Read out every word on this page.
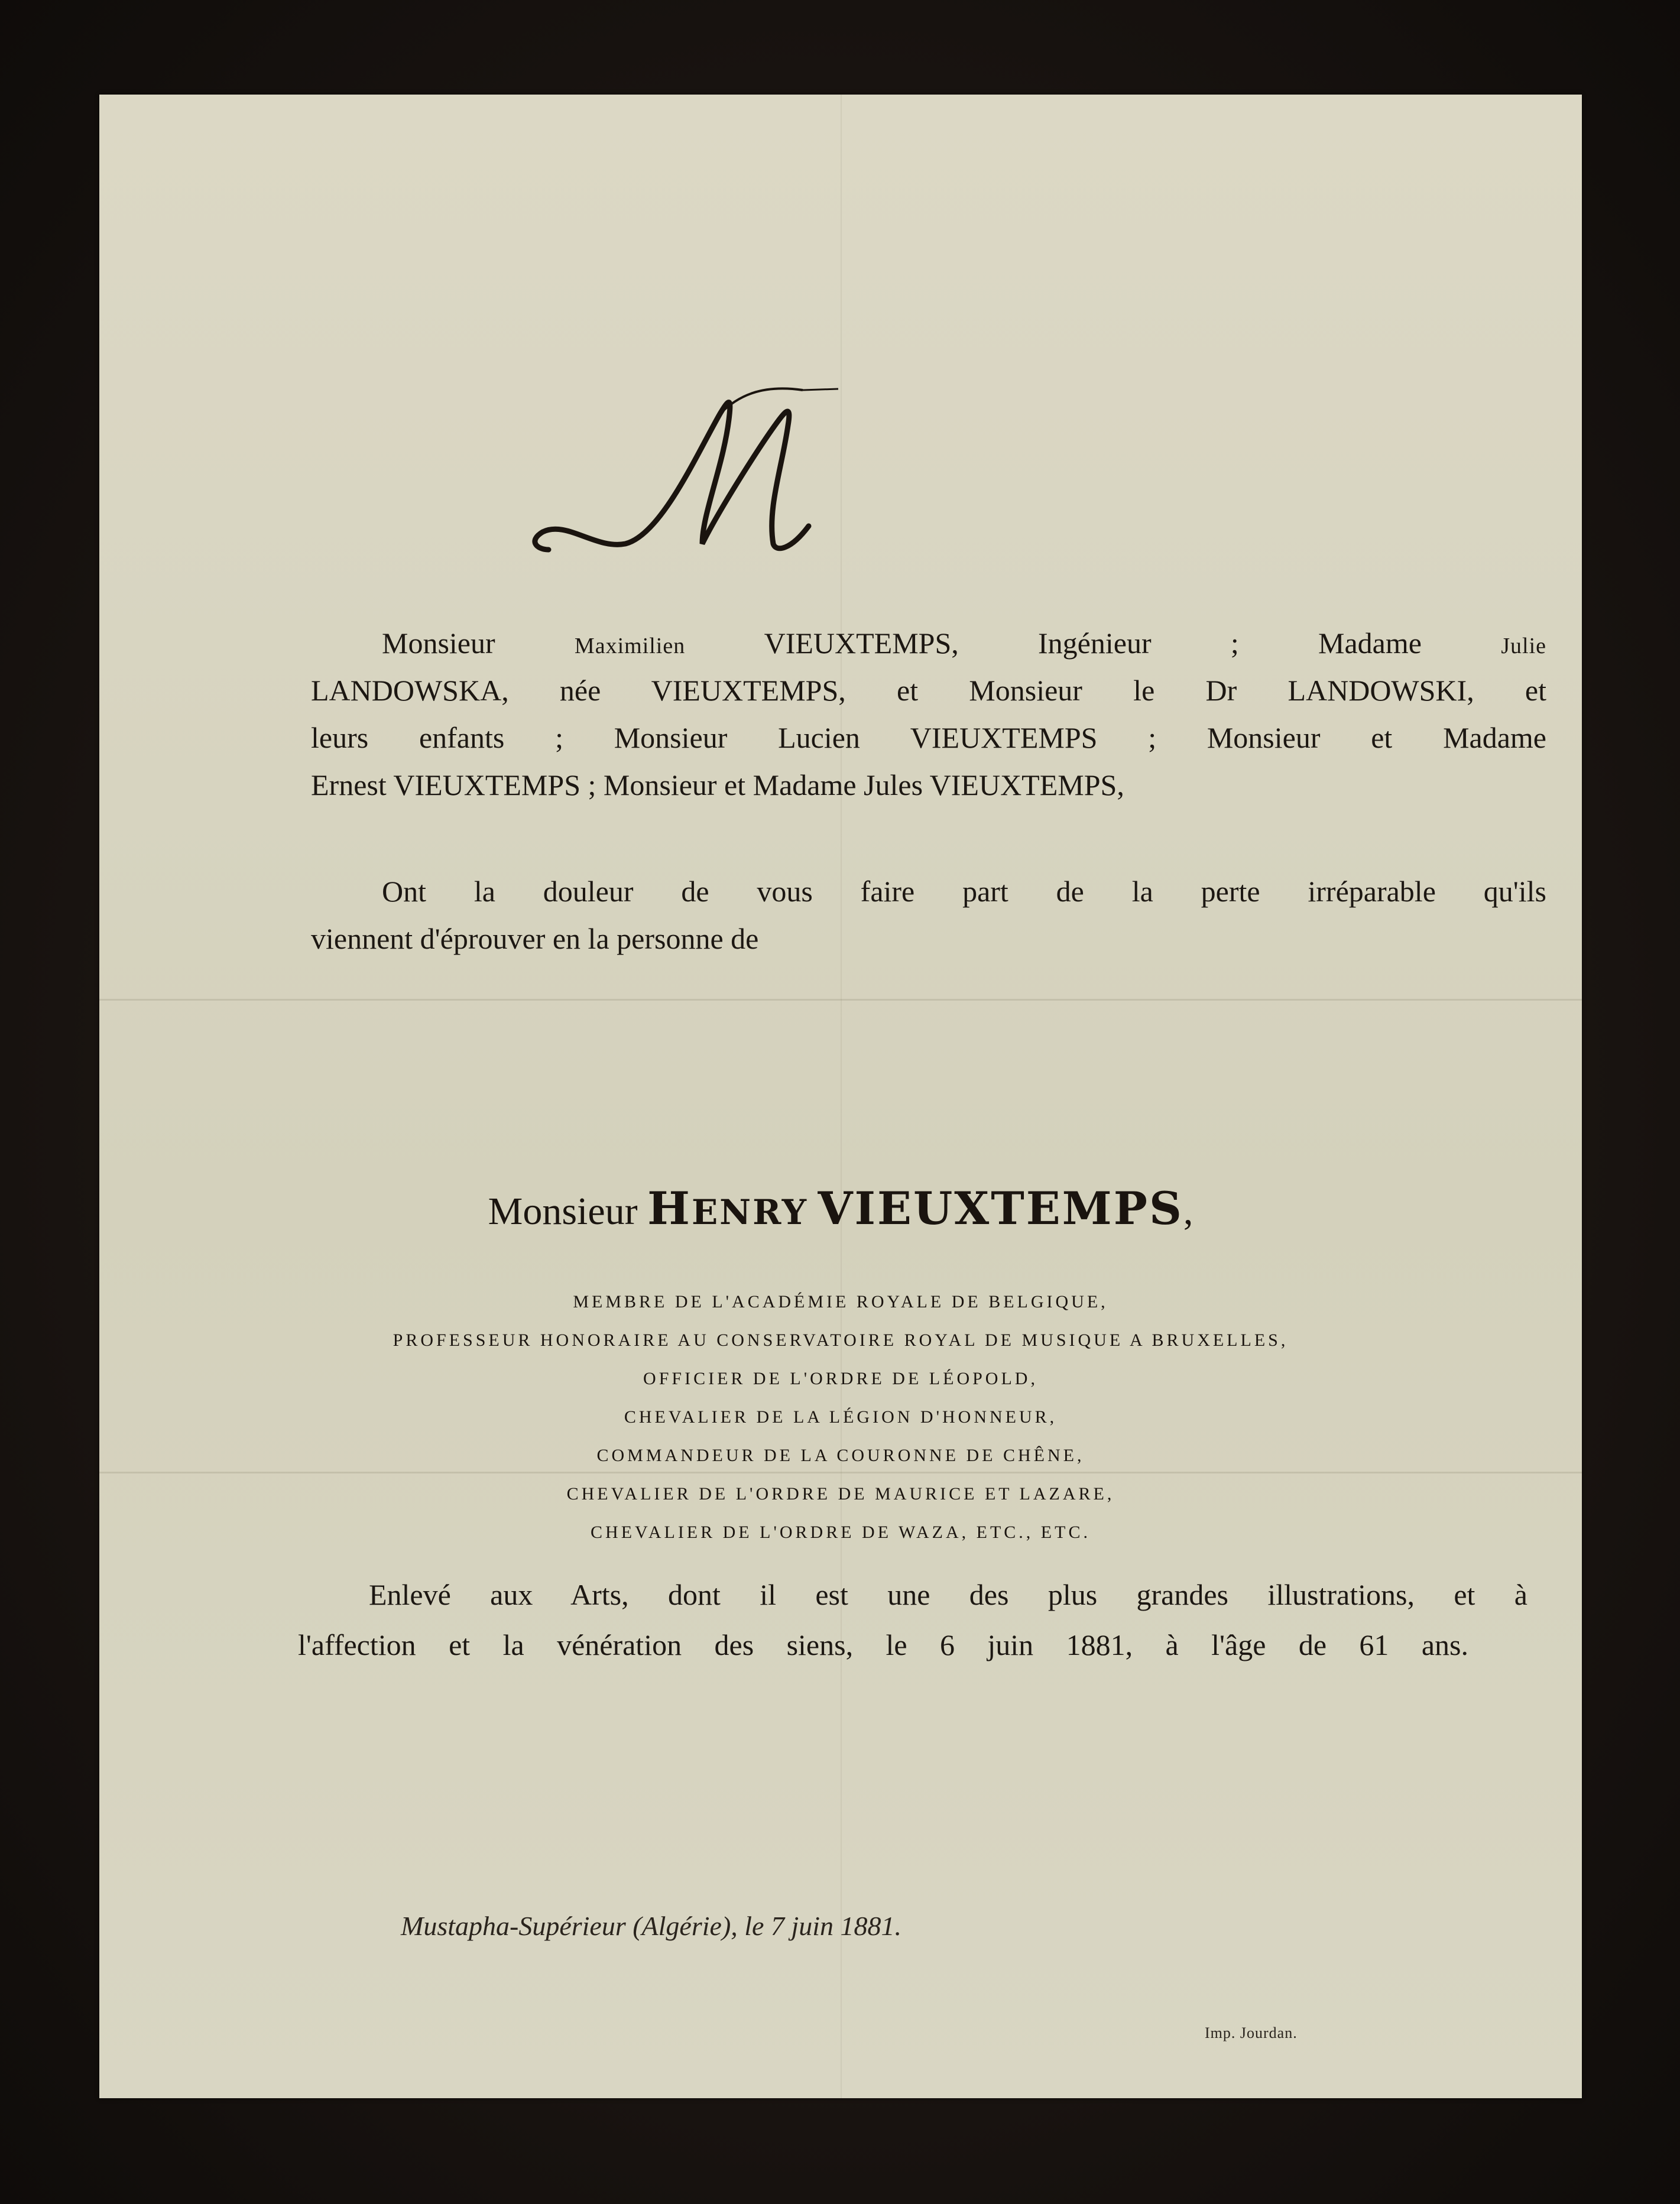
Monsieur Maximilien VIEUXTEMPS, Ingénieur ; Madame Julie
LANDOWSKA, née VIEUXTEMPS, et Monsieur le Dr LANDOWSKI, et
leurs enfants ; Monsieur Lucien VIEUXTEMPS ; Monsieur et Madame
Ernest VIEUXTEMPS ; Monsieur et Madame Jules VIEUXTEMPS,
Ont la douleur de vous faire part de la perte irréparable qu'ils
viennent d'éprouver en la personne de
Monsieur HENRY VIEUXTEMPS,
MEMBRE DE L'ACADÉMIE ROYALE DE BELGIQUE,
PROFESSEUR HONORAIRE AU CONSERVATOIRE ROYAL DE MUSIQUE A BRUXELLES,
OFFICIER DE L'ORDRE DE LÉOPOLD,
CHEVALIER DE LA LÉGION D'HONNEUR,
COMMANDEUR DE LA COURONNE DE CHÊNE,
CHEVALIER DE L'ORDRE DE MAURICE ET LAZARE,
CHEVALIER DE L'ORDRE DE WAZA, ETC., ETC.
Enlevé aux Arts, dont il est une des plus grandes illustrations, et à
l'affection et la vénération des siens, le 6 juin 1881, à l'âge de 61 ans.
Mustapha-Supérieur (Algérie), le 7 juin 1881.
Imp. Jourdan.
